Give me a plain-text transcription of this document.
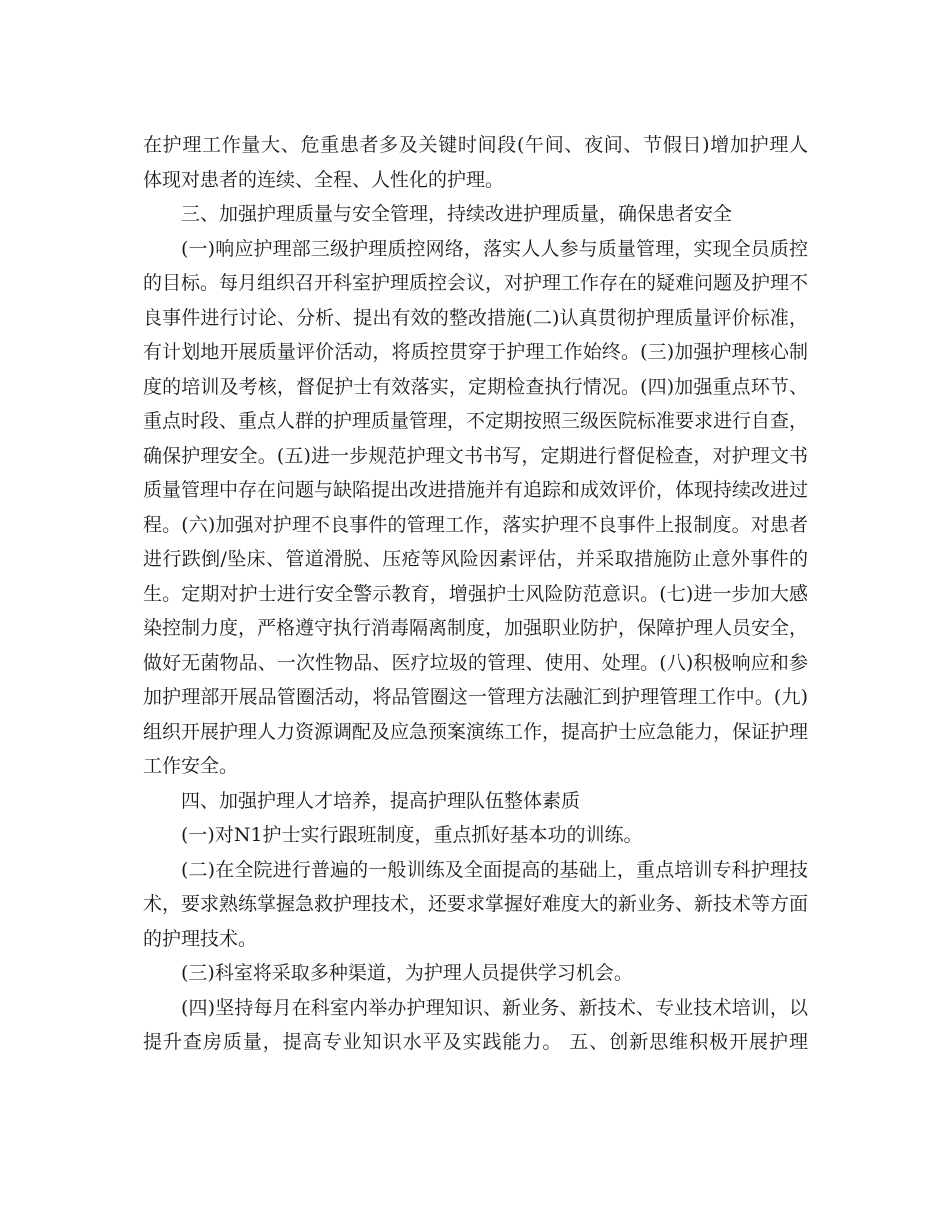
在护理工作量大、危重患者多及关键时间段(午间、夜间、节假日)增加护理人
体现对患者的连续、全程、人性化的护理。
三、加强护理质量与安全管理，持续改进护理质量，确保患者安全
(一)响应护理部三级护理质控网络，落实人人参与质量管理，实现全员质控
的目标。每月组织召开科室护理质控会议，对护理工作存在的疑难问题及护理不
良事件进行讨论、分析、提出有效的整改措施(二)认真贯彻护理质量评价标准，
有计划地开展质量评价活动，将质控贯穿于护理工作始终。(三)加强护理核心制
度的培训及考核，督促护士有效落实，定期检查执行情况。(四)加强重点环节、
重点时段、重点人群的护理质量管理，不定期按照三级医院标准要求进行自查，
确保护理安全。(五)进一步规范护理文书书写，定期进行督促检查，对护理文书
质量管理中存在问题与缺陷提出改进措施并有追踪和成效评价，体现持续改进过
程。(六)加强对护理不良事件的管理工作，落实护理不良事件上报制度。对患者
进行跌倒/坠床、管道滑脱、压疮等风险因素评估，并采取措施防止意外事件的
生。定期对护士进行安全警示教育，增强护士风险防范意识。(七)进一步加大感
染控制力度，严格遵守执行消毒隔离制度，加强职业防护，保障护理人员安全，
做好无菌物品、一次性物品、医疗垃圾的管理、使用、处理。(八)积极响应和参
加护理部开展品管圈活动，将品管圈这一管理方法融汇到护理管理工作中。(九)
组织开展护理人力资源调配及应急预案演练工作，提高护士应急能力，保证护理
工作安全。
四、加强护理人才培养，提高护理队伍整体素质
(一)对N1护士实行跟班制度，重点抓好基本功的训练。
(二)在全院进行普遍的一般训练及全面提高的基础上，重点培训专科护理技
术，要求熟练掌握急救护理技术，还要求掌握好难度大的新业务、新技术等方面
的护理技术。
(三)科室将采取多种渠道，为护理人员提供学习机会。
(四)坚持每月在科室内举办护理知识、新业务、新技术、专业技术培训，以
提升查房质量，提高专业知识水平及实践能力。 五、创新思维积极开展护理
